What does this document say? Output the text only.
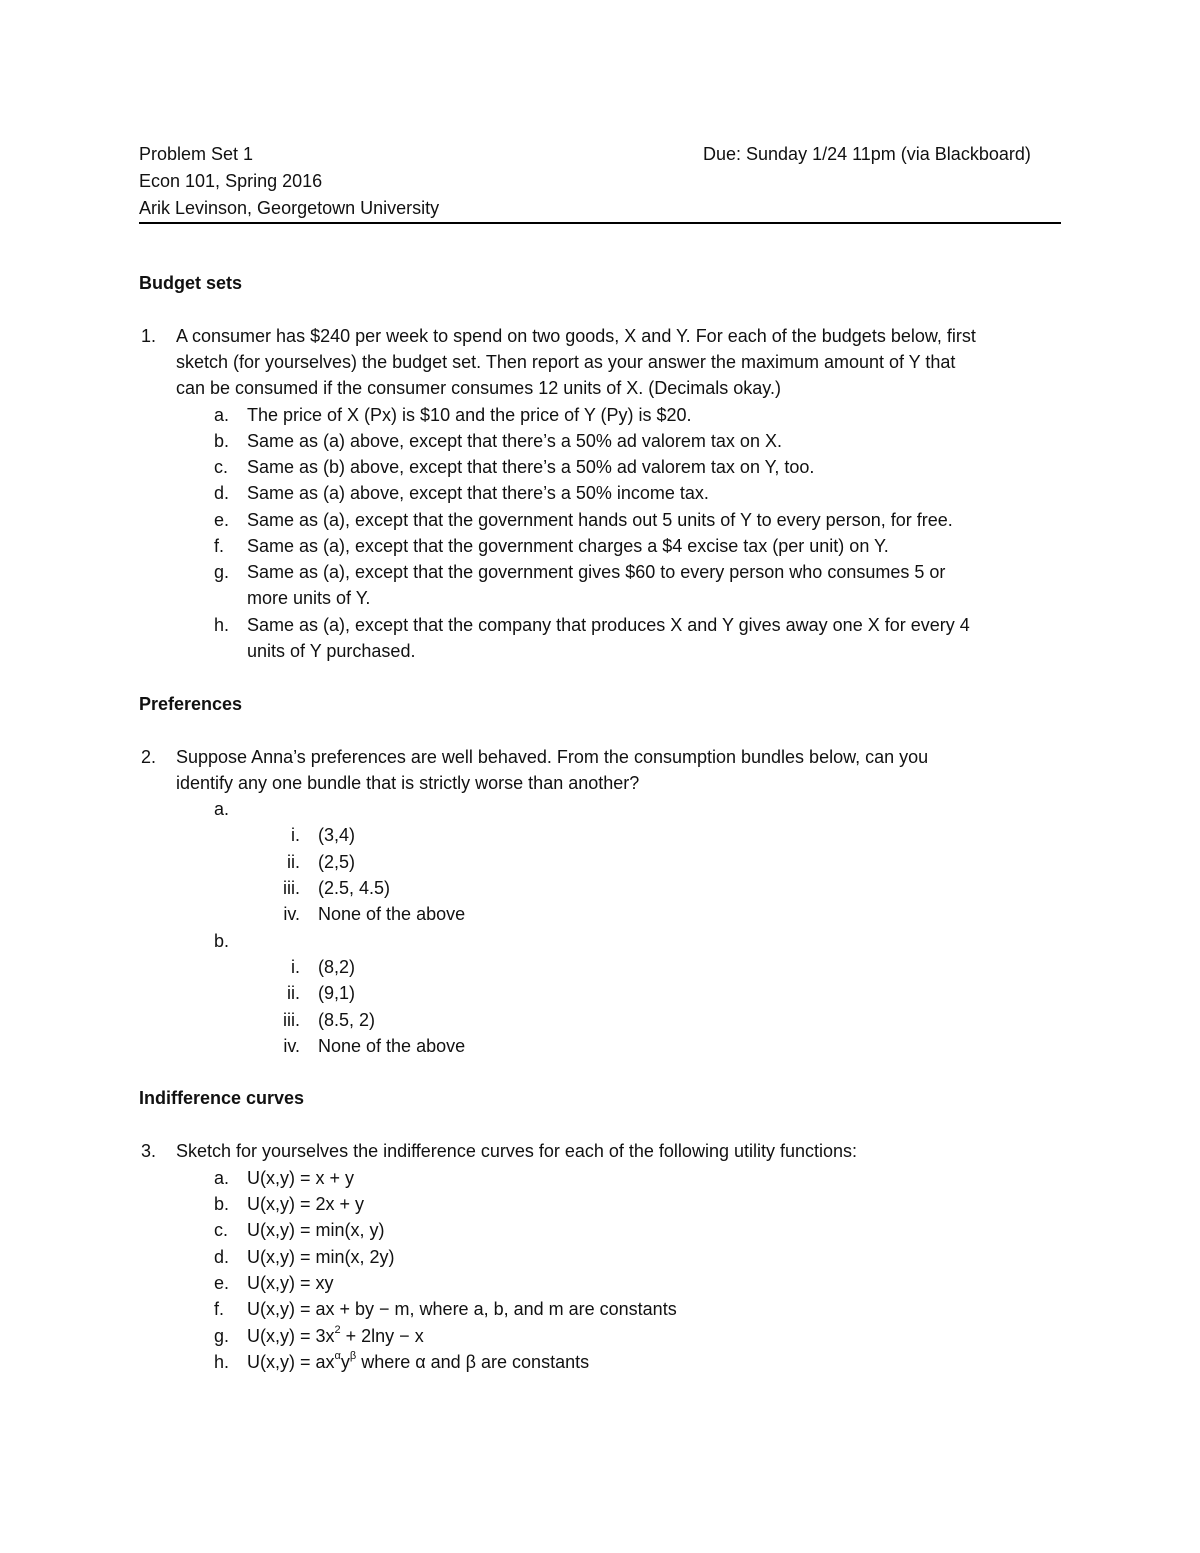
Problem Set 1	Due: Sunday 1/24 11pm (via Blackboard)
Econ 101, Spring 2016
Arik Levinson, Georgetown University
Budget sets
1. A consumer has $240 per week to spend on two goods, X and Y. For each of the budgets below, first
sketch (for yourselves) the budget set. Then report as your answer the maximum amount of Y that
can be consumed if the consumer consumes 12 units of X. (Decimals okay.)
a. The price of X (Px) is $10 and the price of Y (Py) is $20.
b. Same as (a) above, except that there’s a 50% ad valorem tax on X.
c. Same as (b) above, except that there’s a 50% ad valorem tax on Y, too.
d. Same as (a) above, except that there’s a 50% income tax.
e. Same as (a), except that the government hands out 5 units of Y to every person, for free.
f. Same as (a), except that the government charges a $4 excise tax (per unit) on Y.
g. Same as (a), except that the government gives $60 to every person who consumes 5 or
more units of Y.
h. Same as (a), except that the company that produces X and Y gives away one X for every 4
units of Y purchased.
Preferences
2. Suppose Anna’s preferences are well behaved. From the consumption bundles below, can you
identify any one bundle that is strictly worse than another?
a.
i. (3,4)
ii. (2,5)
iii. (2.5, 4.5)
iv. None of the above
b.
i. (8,2)
ii. (9,1)
iii. (8.5, 2)
iv. None of the above
Indifference curves
3. Sketch for yourselves the indifference curves for each of the following utility functions:
a. U(x,y) = x + y
b. U(x,y) = 2x + y
c. U(x,y) = min(x, y)
d. U(x,y) = min(x, 2y)
e. U(x,y) = xy
f. U(x,y) = ax + by − m, where a, b, and m are constants
g. $U(x,y) = 3x^2 + 2\ln y - x$
h. $U(x,y) = ax^\alpha y^\beta$ where α and β are constants
